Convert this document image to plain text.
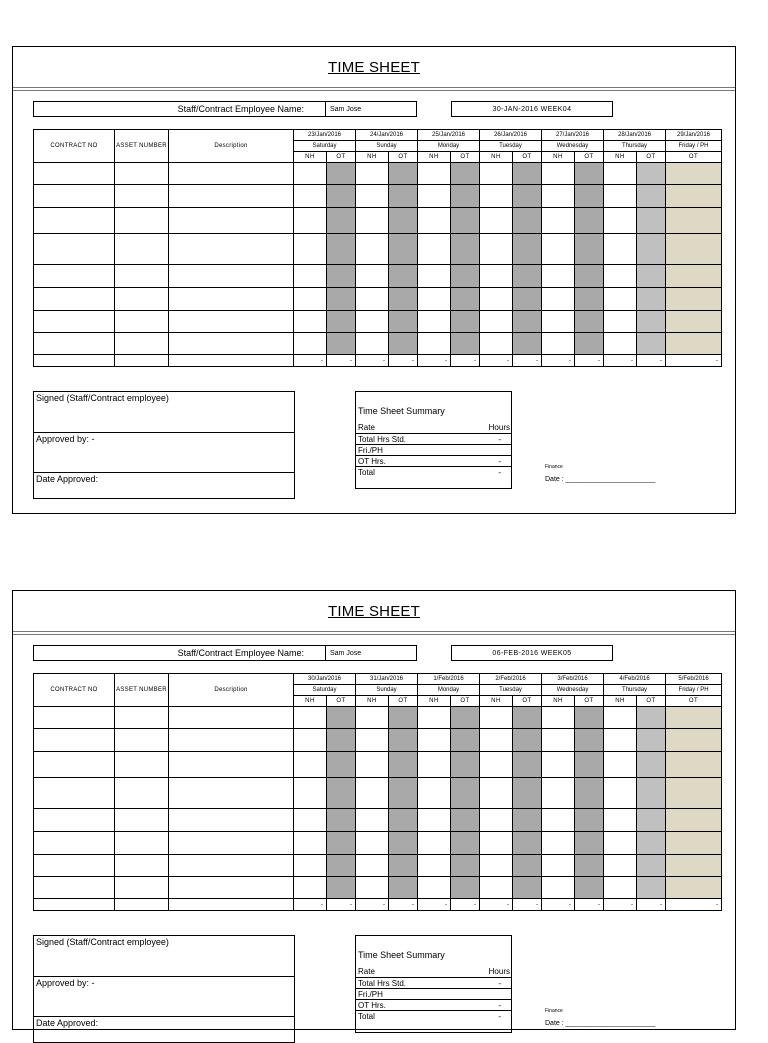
TIME SHEET
Staff/Contract Employee Name:	Sam Jose	30-JAN-2016 WEEK04
CONTRACT NO	ASSET NUMBER	Description	23/Jan/2016		24/Jan/2016		25/Jan/2016		26/Jan/2016		27/Jan/2016		28/Jan/2016		29/Jan/2016
			Saturday		Sunday		Monday		Tuesday		Wednesday		Thursday		Friday / PH
			NH	OT	NH	OT	NH	OT	NH	OT	NH	OT	NH	OT	OT

			-	-	-	-	-	-	-	-	-	-	-	-	-
Signed (Staff/Contract employee)
Approved by: -
Date Approved:
Time Sheet Summary
Rate	Hours
Total Hrs Std.	-
Fri./PH
OT Hrs.	-
Total	-
Finance
Date : _______________________
TIME SHEET
Staff/Contract Employee Name:	Sam Jose	06-FEB-2016 WEEK05
CONTRACT NO	ASSET NUMBER	Description	30/Jan/2016		31/Jan/2016		1/Feb/2016		2/Feb/2016		3/Feb/2016		4/Feb/2016		5/Feb/2016
			Saturday		Sunday		Monday		Tuesday		Wednesday		Thursday		Friday / PH
			NH	OT	NH	OT	NH	OT	NH	OT	NH	OT	NH	OT	OT

			-	-	-	-	-	-	-	-	-	-	-	-	-
Signed (Staff/Contract employee)
Approved by: -
Date Approved:
Time Sheet Summary
Rate	Hours
Total Hrs Std.	-
Fri./PH
OT Hrs.	-
Total	-
Finance
Date : _______________________
